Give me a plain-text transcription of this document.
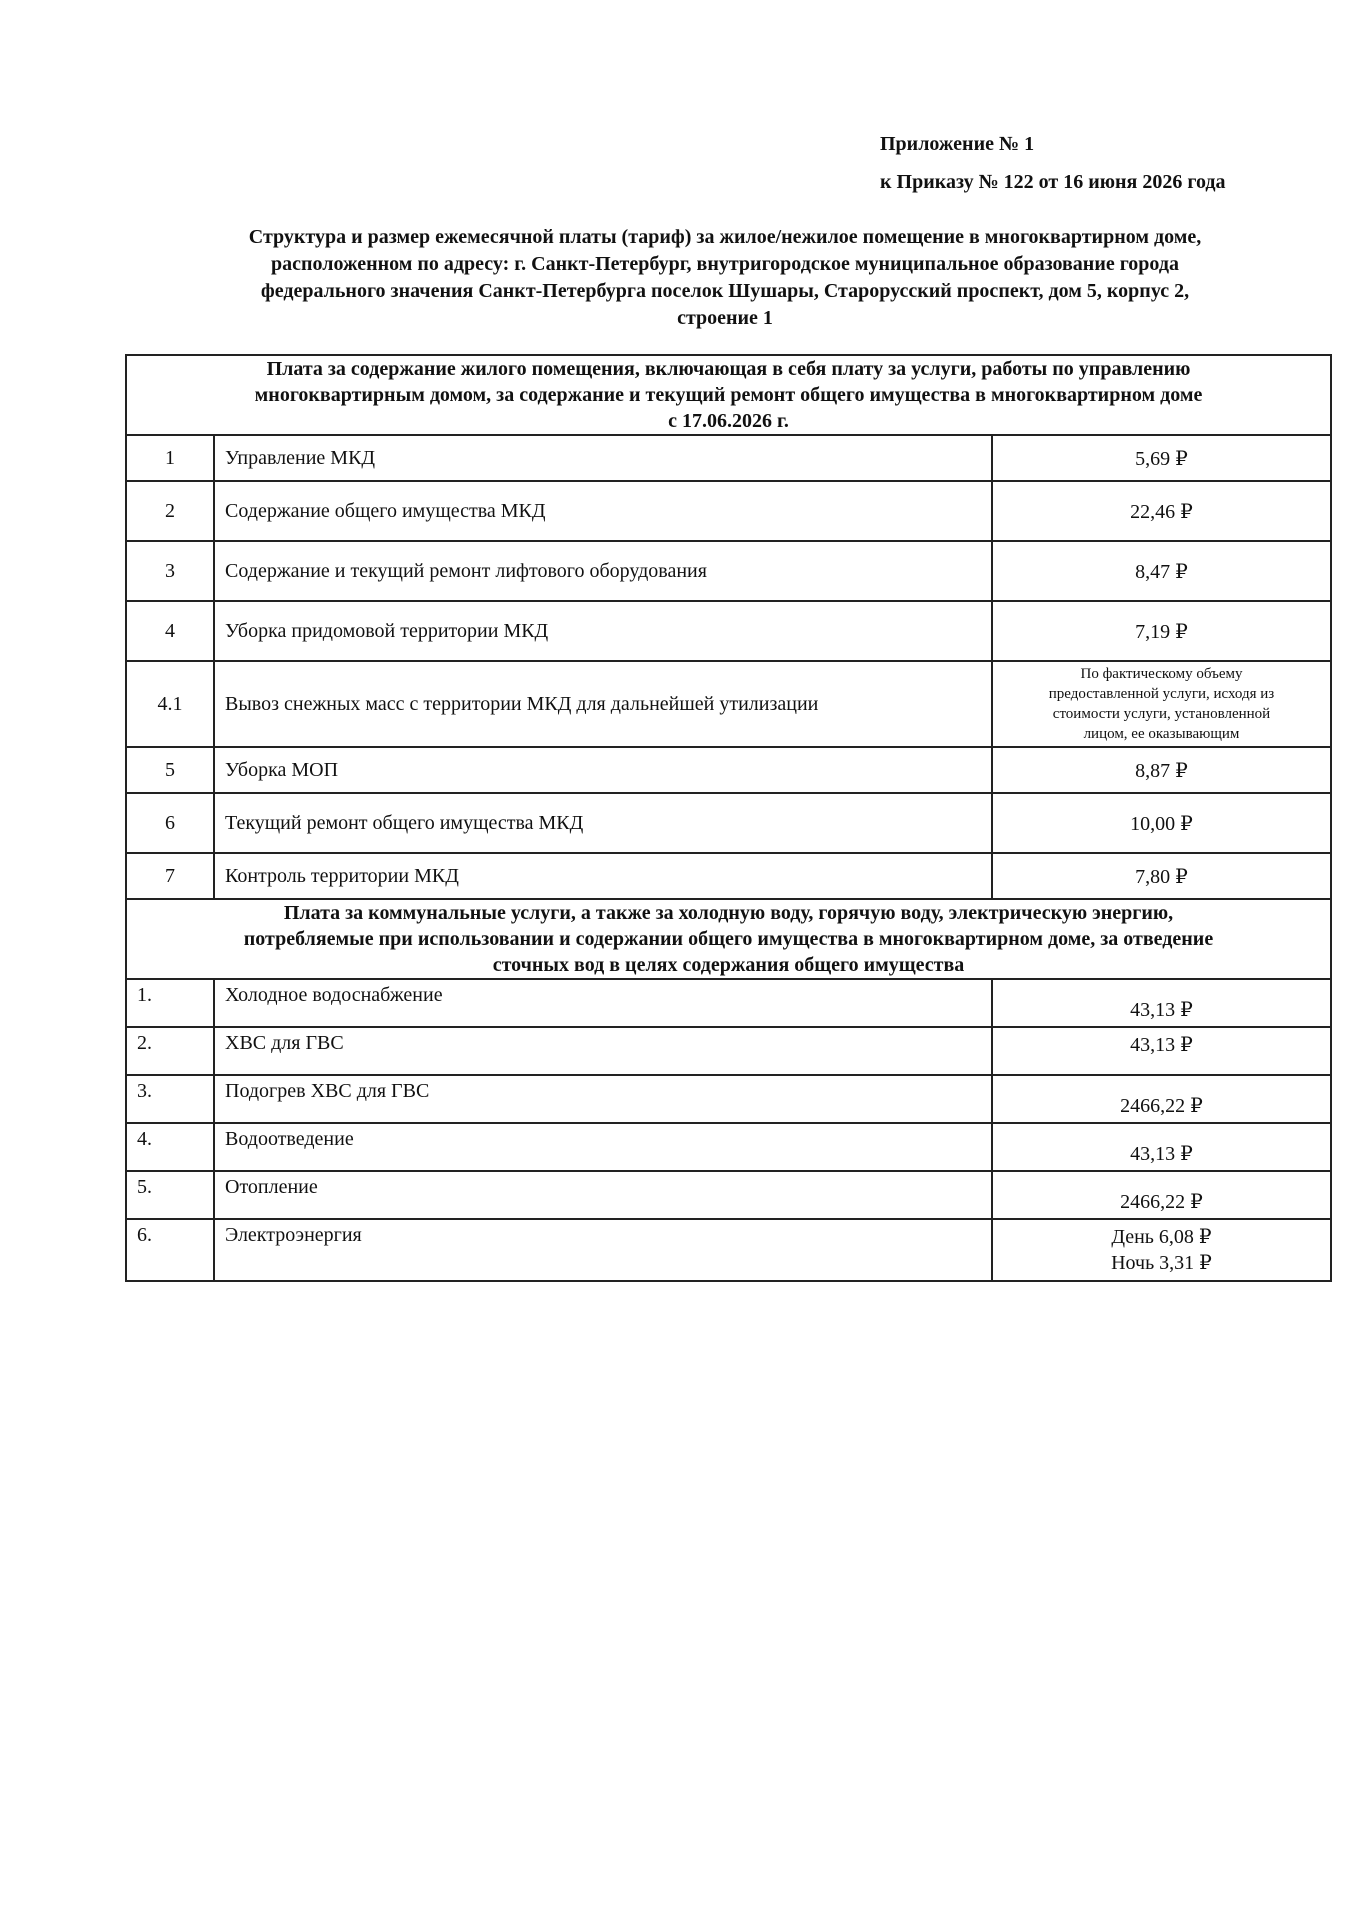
Приложение № 1

к Приказу № 122 от 16 июня 2026 года

Структура и размер ежемесячной платы (тариф) за жилое/нежилое помещение в многоквартирном доме,
расположенном по адресу: г. Санкт-Петербург, внутригородское муниципальное образование города
федерального значения Санкт-Петербурга поселок Шушары, Старорусский проспект, дом 5, корпус 2,
строение 1
Плата за содержание жилого помещения, включающая в себя плату за услуги, работы по управлению
многоквартирным домом, за содержание и текущий ремонт общего имущества в многоквартирном доме
с 17.06.2026 г.		

1	Управление МКД	5,69 ₽
2	Содержание общего имущества МКД	22,46 ₽
3	Содержание и текущий ремонт лифтового оборудования	8,47 ₽
4	Уборка придомовой территории МКД	7,19 ₽
4.1	Вывоз снежных масс с территории МКД для дальнейшей утилизации	По фактическому объему
предоставленной услуги, исходя из
стоимости услуги, установленной
лицом, ее оказывающим

5	Уборка МОП	8,87 ₽
6	Текущий ремонт общего имущества МКД	10,00 ₽
7	Контроль территории МКД	7,80 ₽

Плата за коммунальные услуги, а также за холодную воду, горячую воду, электрическую энергию,
потребляемые при использовании и содержании общего имущества в многоквартирном доме, за отведение
сточных вод в целях содержания общего имущества		

1.	Холодное водоснабжение	43,13 ₽
2.	ХВС для ГВС	43,13 ₽
3.	Подогрев ХВС для ГВС	2466,22 ₽
4.	Водоотведение	43,13 ₽
5.	Отопление	2466,22 ₽
6.	Электроэнергия	День 6,08 ₽
Ночь 3,31 ₽
